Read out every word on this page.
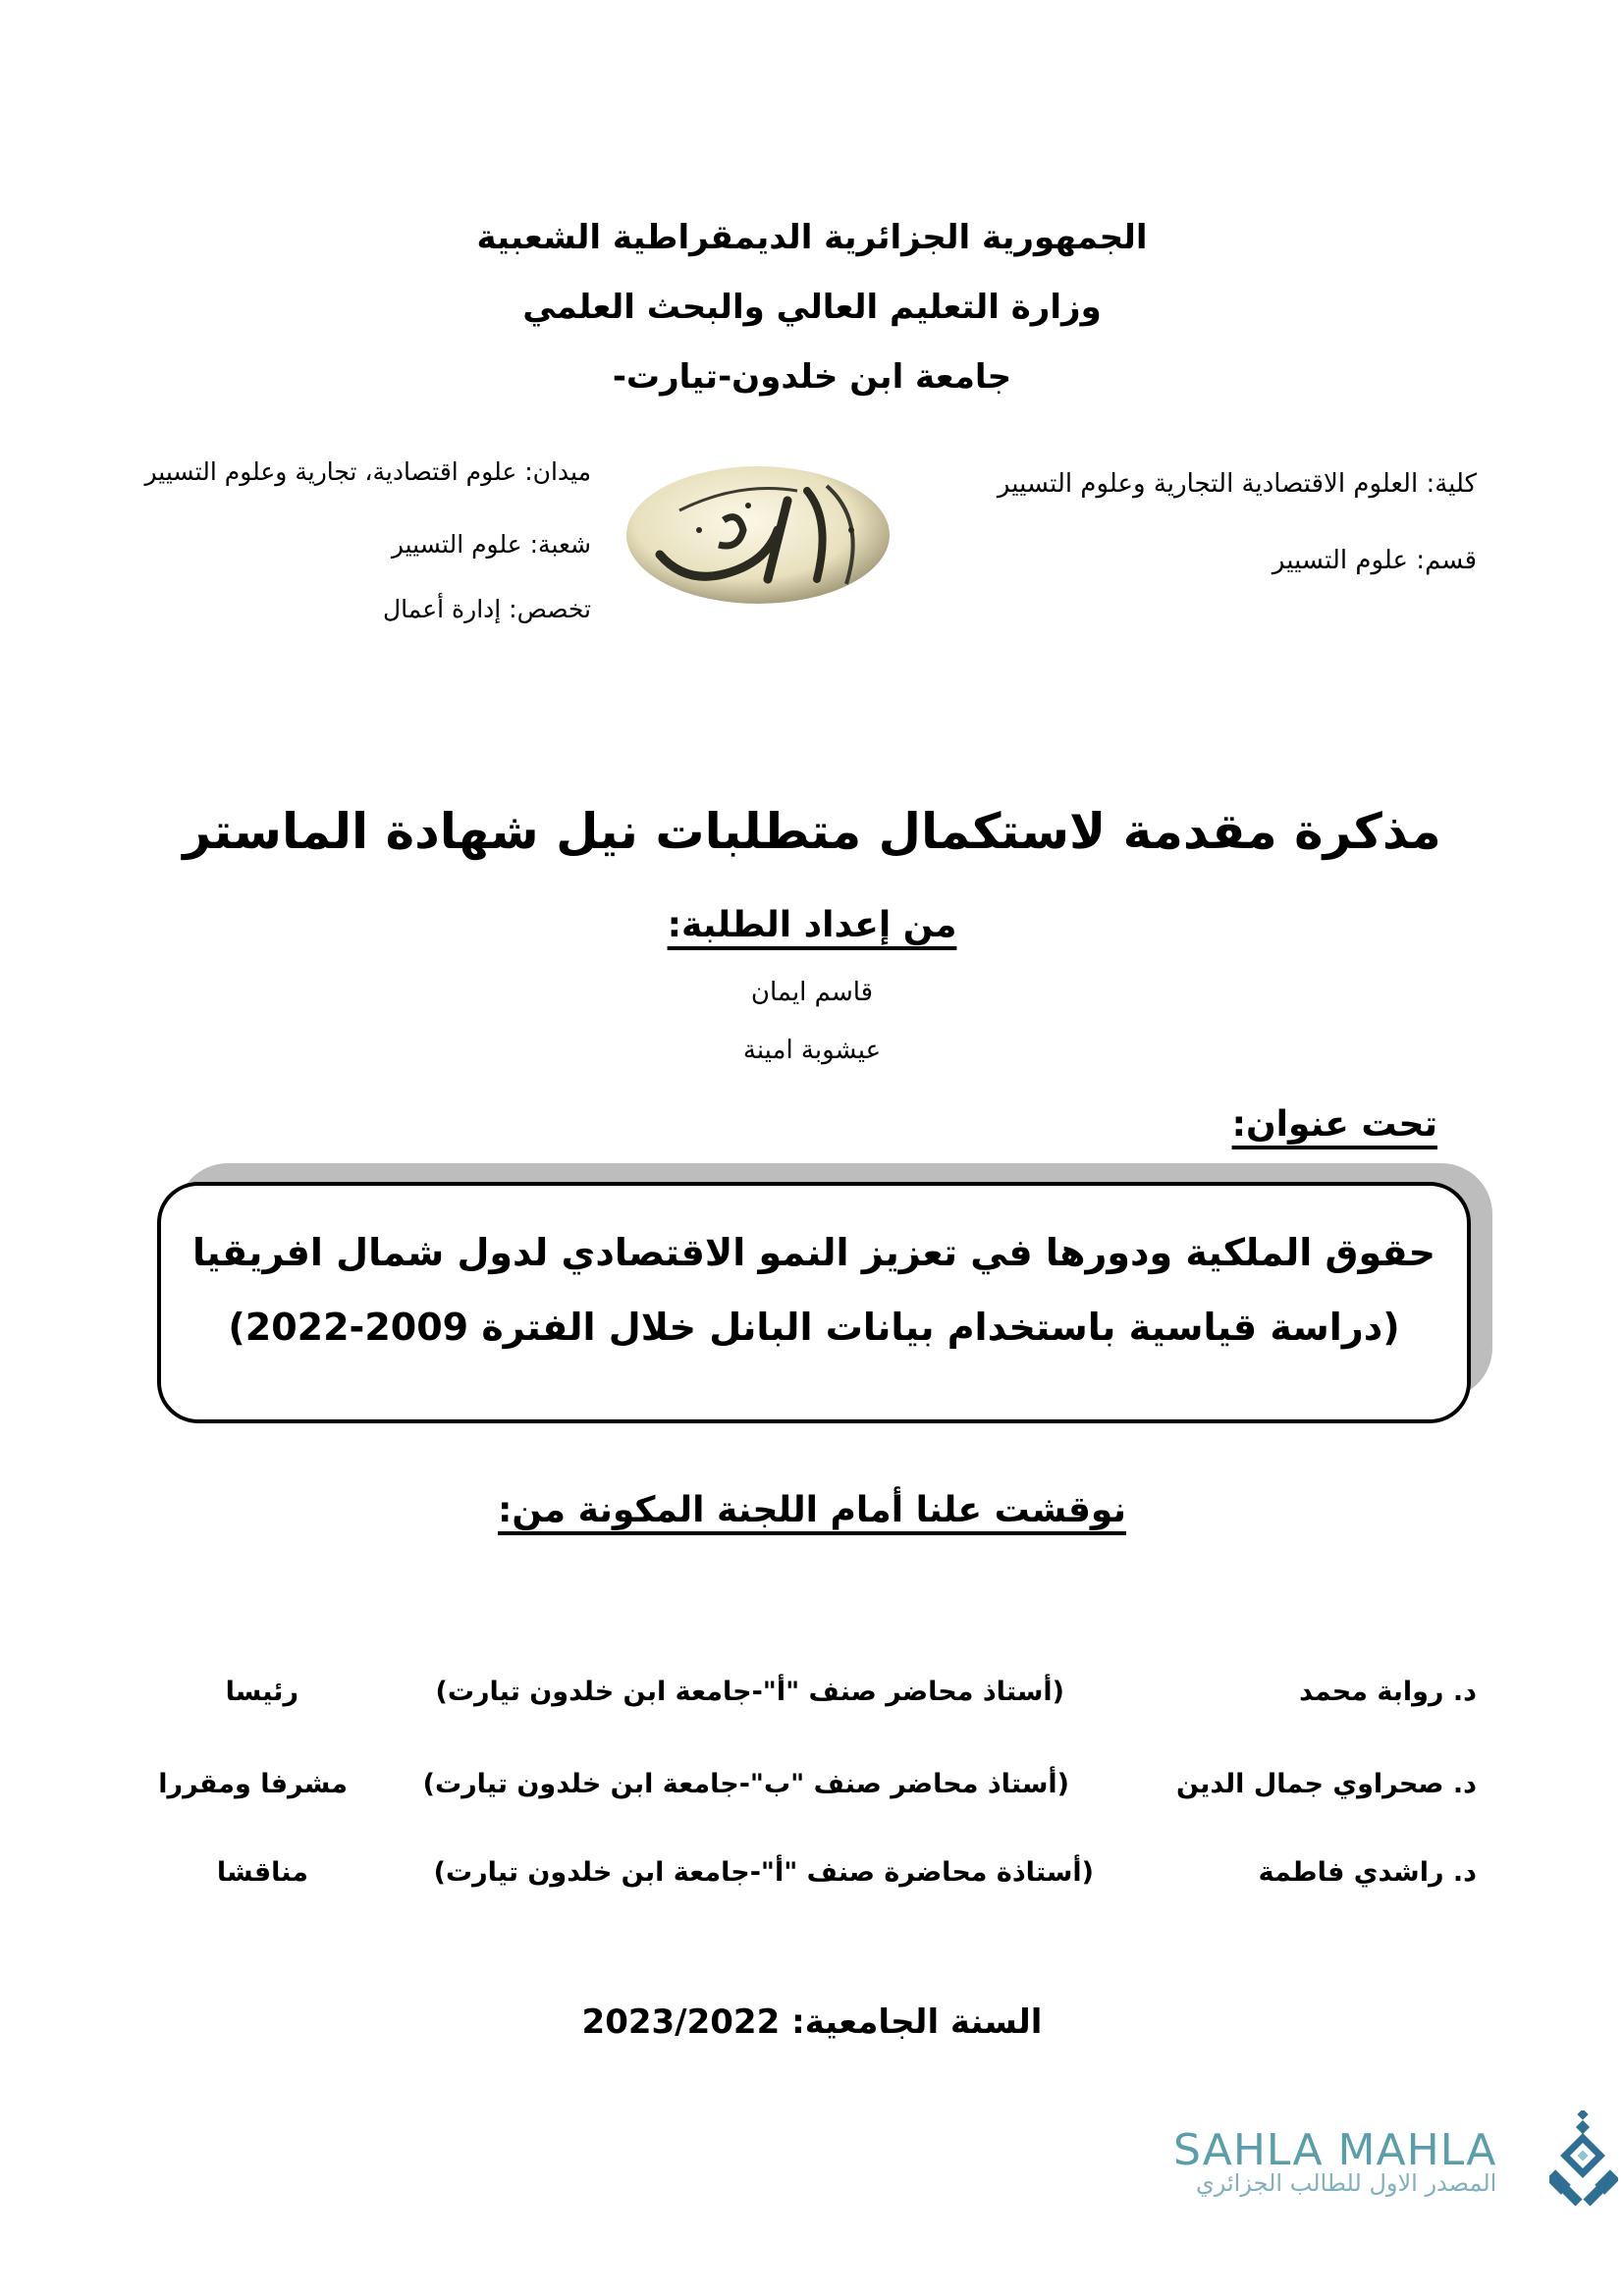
الجمهورية الجزائرية الديمقراطية الشعبية
وزارة التعليم العالي والبحث العلمي
جامعة ابن خلدون-تيارت-
كلية: العلوم الاقتصادية التجارية وعلوم التسيير
قسم: علوم التسيير
ميدان: علوم اقتصادية، تجارية وعلوم التسيير
شعبة: علوم التسيير
تخصص: إدارة أعمال
مذكرة مقدمة لاستكمال متطلبات نيل شهادة الماستر
من إعداد الطلبة:
قاسم ايمان
عيشوبة امينة
تحت عنوان:
حقوق الملكية ودورها في تعزيز النمو الاقتصادي لدول شمال افريقيا
(دراسة قياسية باستخدام بيانات البانل خلال الفترة 2009-2022)
نوقشت علنا أمام اللجنة المكونة من:
د. روابة محمد
(أستاذ محاضر صنف "أ"-جامعة ابن خلدون تيارت)
رئيسا
د. صحراوي جمال الدين
(أستاذ محاضر صنف "ب"-جامعة ابن خلدون تيارت)
مشرفا ومقررا
د. راشدي فاطمة
(أستاذة محاضرة صنف "أ"-جامعة ابن خلدون تيارت)
مناقشا
السنة الجامعية: 2023/2022
SAHLA MAHLA
المصدر الاول للطالب الجزائري
